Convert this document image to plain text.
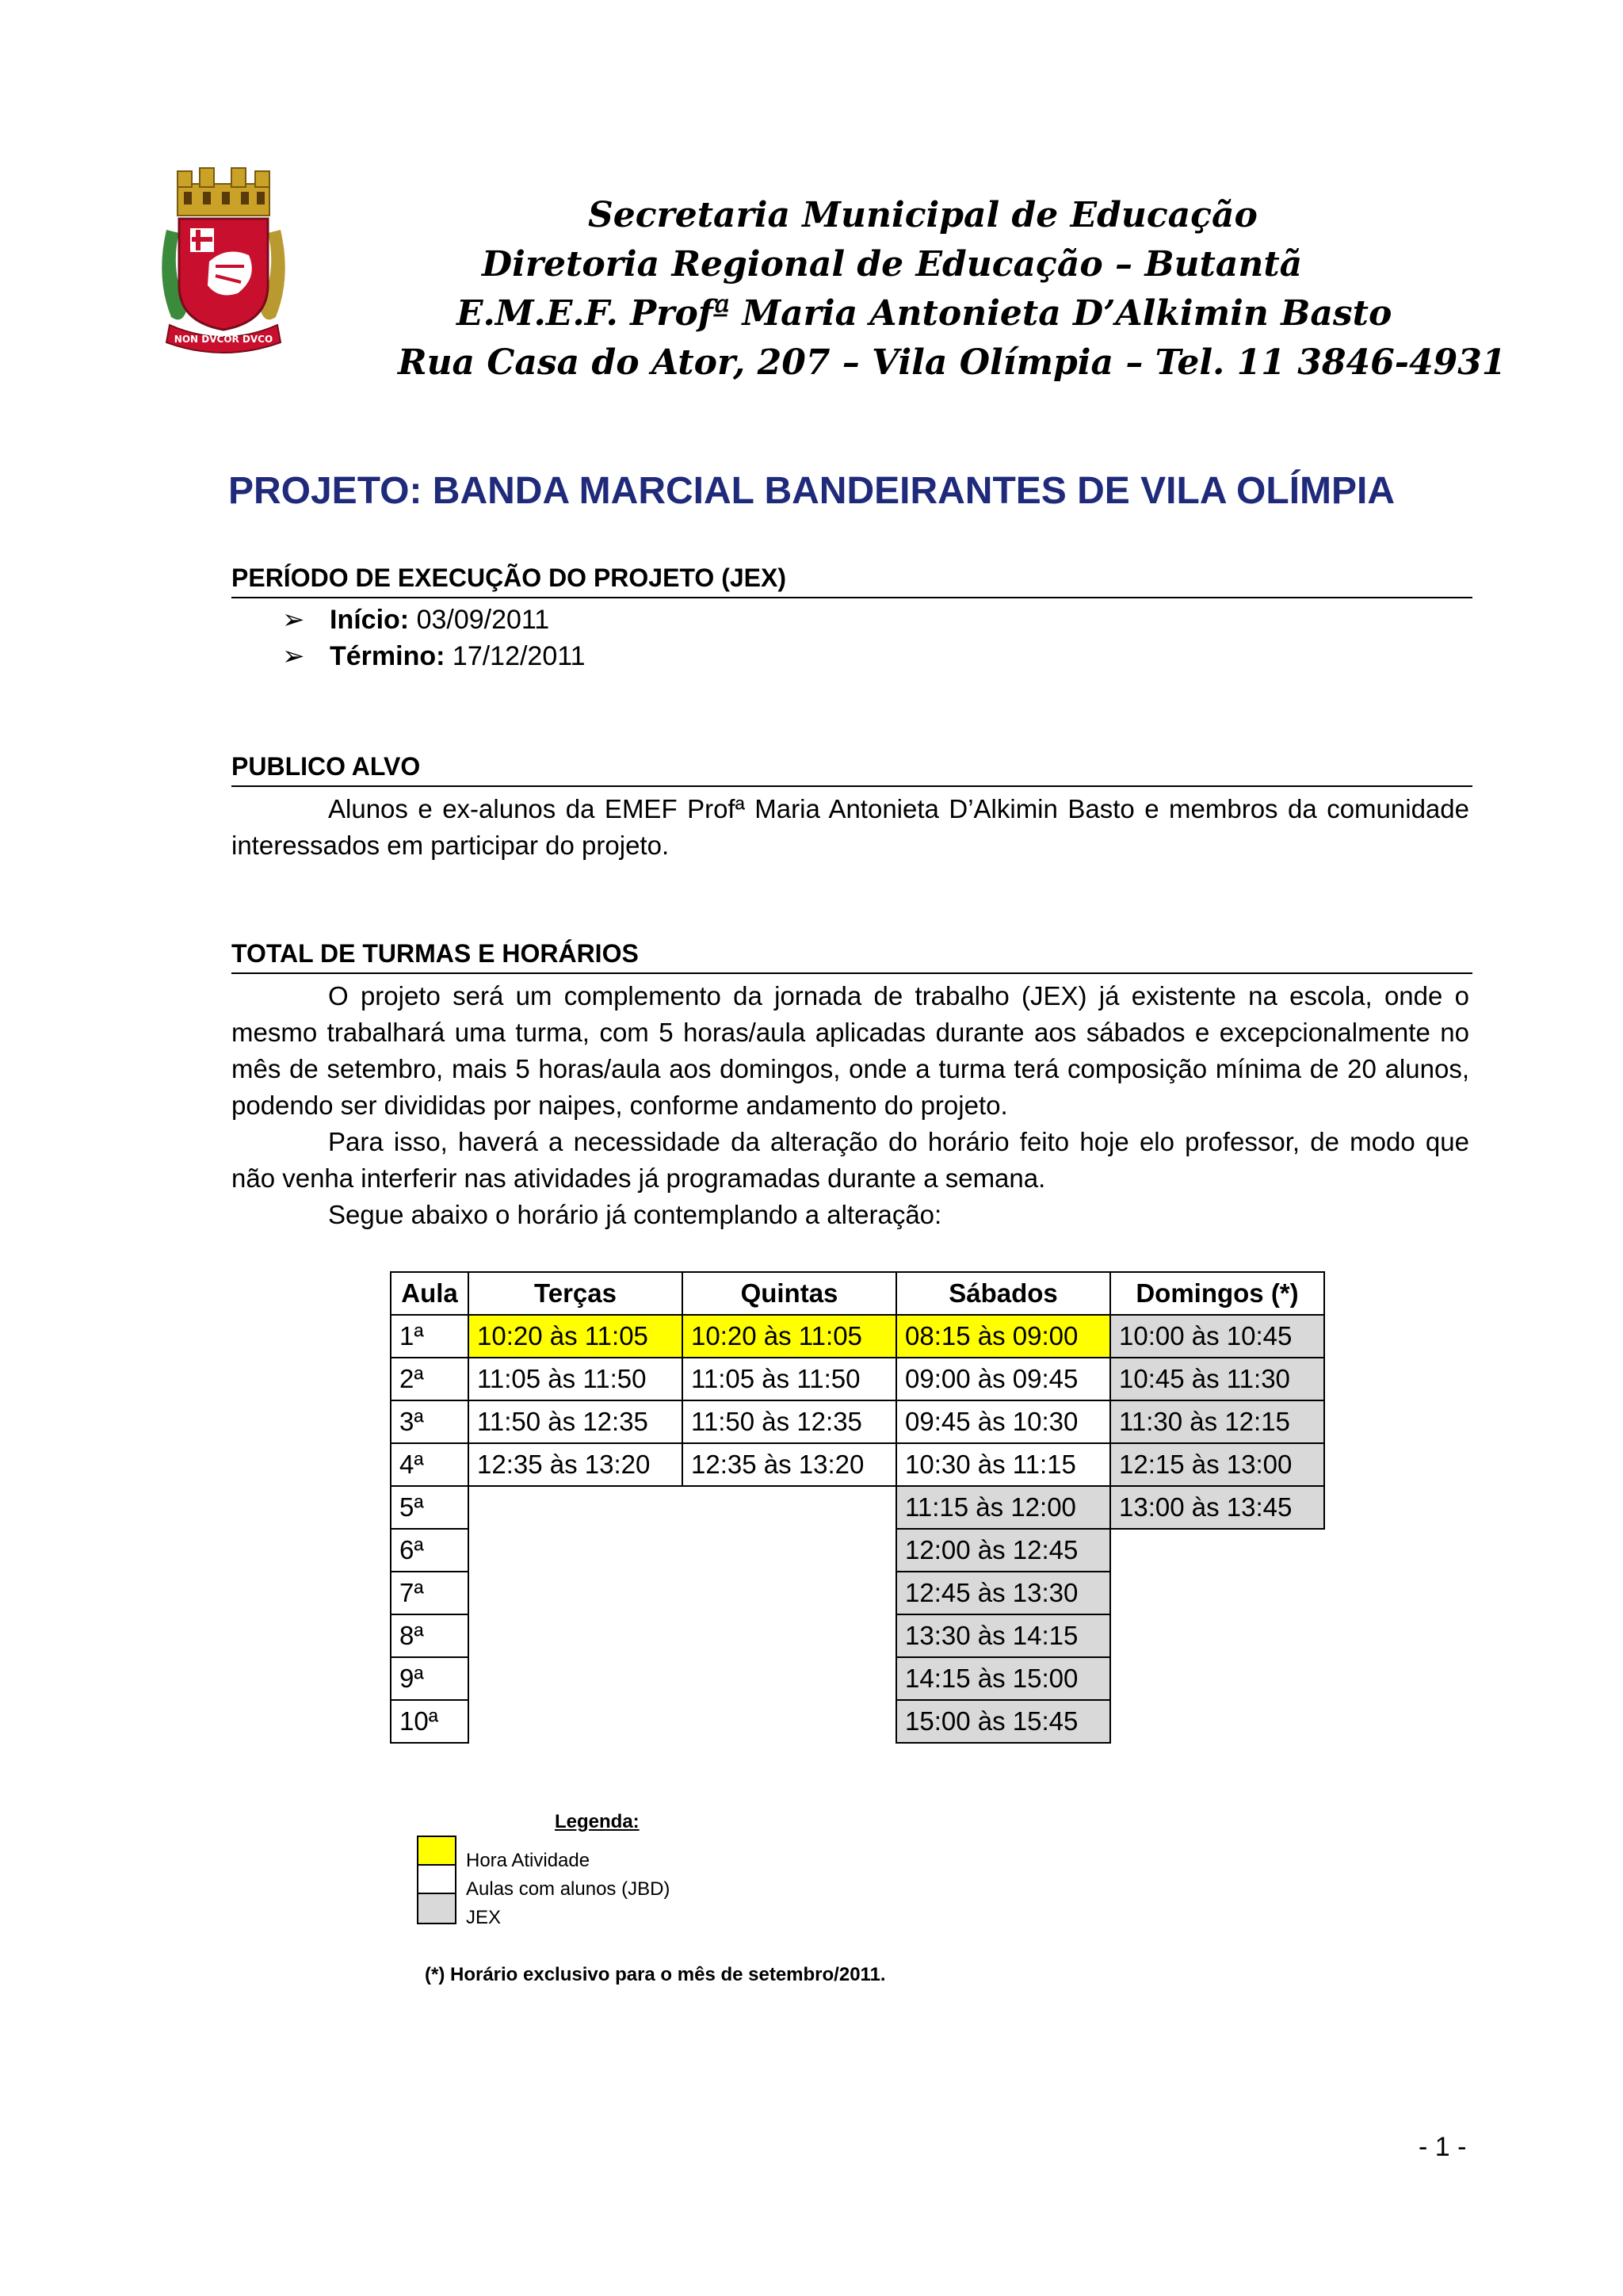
NON DVCOR DVCO
Secretaria Municipal de Educação
Diretoria Regional de Educação – Butantã
E.M.E.F. Profª Maria Antonieta D’Alkimin Basto
Rua Casa do Ator, 207 – Vila Olímpia – Tel. 11 3846-4931
PROJETO: BANDA MARCIAL BANDEIRANTES DE VILA OLÍMPIA
PERÍODO DE EXECUÇÃO DO PROJETO (JEX)
➢ Início: 03/09/2011
➢ Término: 17/12/2011
PUBLICO ALVO

Alunos e ex-alunos da EMEF Profª Maria Antonieta D’Alkimin Basto e membros da comunidade interessados em participar do projeto.

TOTAL DE TURMAS E HORÁRIOS

O projeto será um complemento da jornada de trabalho (JEX) já existente na escola, onde o mesmo trabalhará uma turma, com 5 horas/aula aplicadas durante aos sábados e excepcionalmente no mês de setembro, mais 5 horas/aula aos domingos, onde a turma terá composição mínima de 20 alunos, podendo ser divididas por naipes, conforme andamento do projeto.

Para isso, haverá a necessidade da alteração do horário feito hoje elo professor, de modo que não venha interferir nas atividades já programadas durante a semana.

Segue abaixo o horário já contemplando a alteração:

Aula	Terças	Quintas	Sábados	Domingos (*)
1ª	10:20 às 11:05	10:20 às 11:05	08:15 às 09:00	10:00 às 10:45
2ª	11:05 às 11:50	11:05 às 11:50	09:00 às 09:45	10:45 às 11:30
3ª	11:50 às 12:35	11:50 às 12:35	09:45 às 10:30	11:30 às 12:15
4ª	12:35 às 13:20	12:35 às 13:20	10:30 às 11:15	12:15 às 13:00
5ª			11:15 às 12:00	13:00 às 13:45
6ª			12:00 às 12:45	
7ª			12:45 às 13:30	
8ª			13:30 às 14:15	
9ª			14:15 às 15:00	
10ª			15:00 às 15:45	
Legenda:
Hora Atividade
Aulas com alunos (JBD)
JEX
(*) Horário exclusivo para o mês de setembro/2011.
- 1 -
